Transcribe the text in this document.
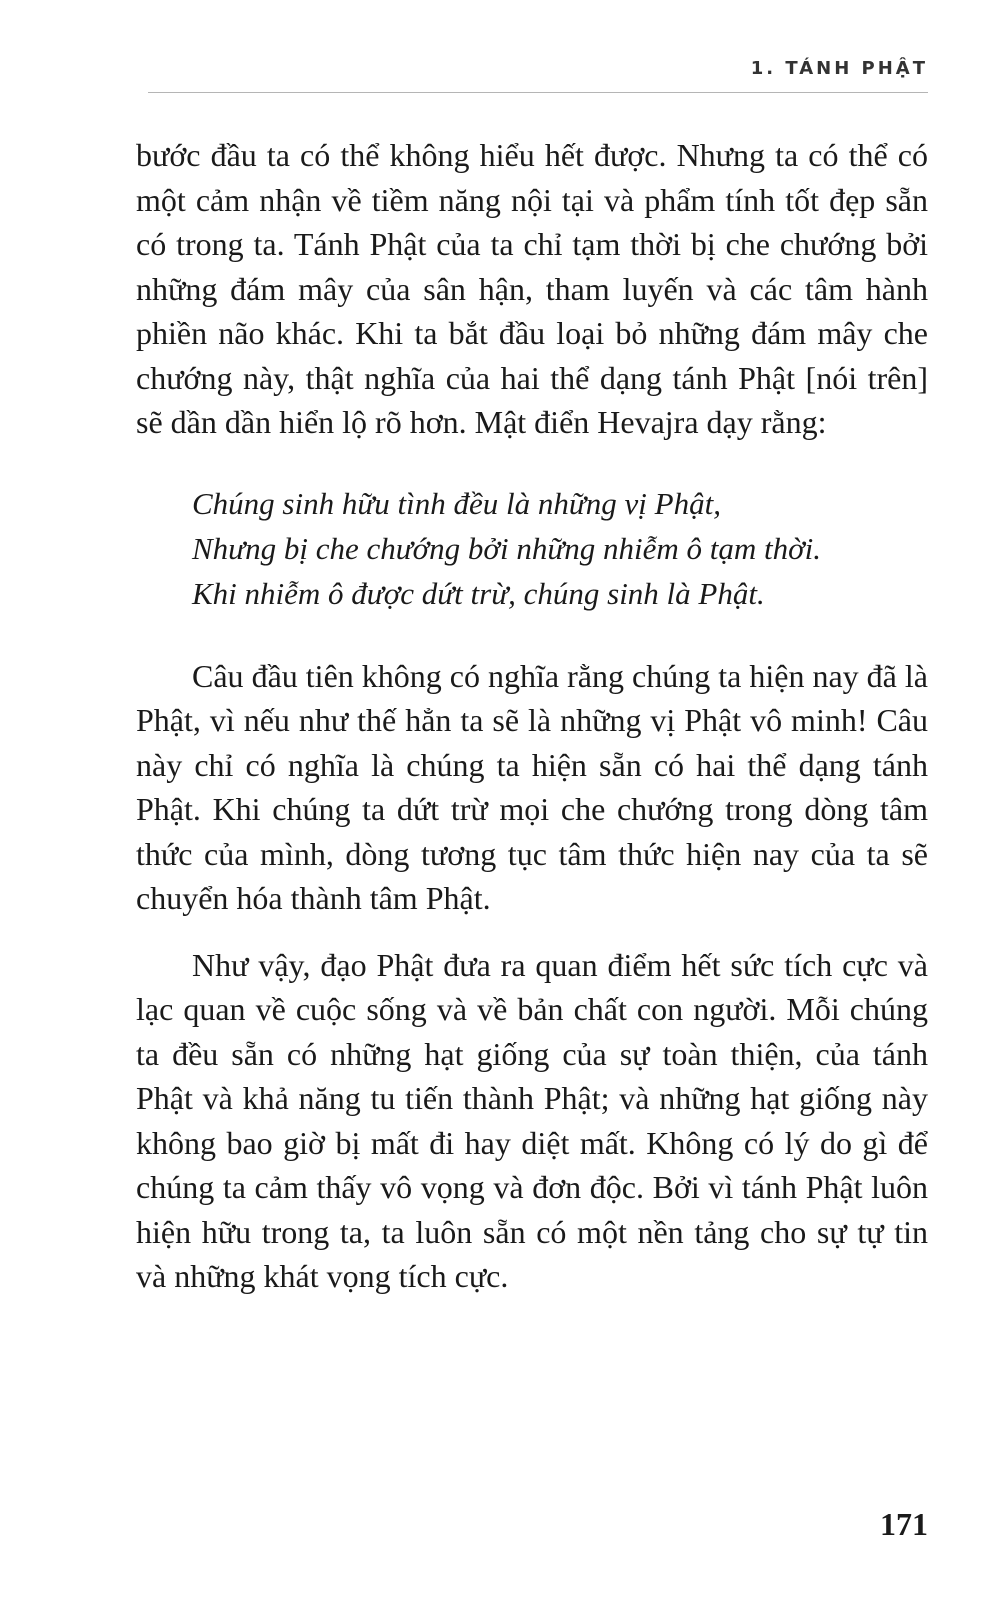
1. TÁNH PHẬT

bước đầu ta có thể không hiểu hết được. Nhưng ta có thể có một cảm nhận về tiềm năng nội tại và phẩm tính tốt đẹp sẵn có trong ta. Tánh Phật của ta chỉ tạm thời bị che chướng bởi những đám mây của sân hận, tham luyến và các tâm hành phiền não khác. Khi ta bắt đầu loại bỏ những đám mây che chướng này, thật nghĩa của hai thể dạng tánh Phật [nói trên] sẽ dần dần hiển lộ rõ hơn. Mật điển Hevajra dạy rằng:

Chúng sinh hữu tình đều là những vị Phật,
Nhưng bị che chướng bởi những nhiễm ô tạm thời.
Khi nhiễm ô được dứt trừ, chúng sinh là Phật.

Câu đầu tiên không có nghĩa rằng chúng ta hiện nay đã là Phật, vì nếu như thế hẳn ta sẽ là những vị Phật vô minh! Câu này chỉ có nghĩa là chúng ta hiện sẵn có hai thể dạng tánh Phật. Khi chúng ta dứt trừ mọi che chướng trong dòng tâm thức của mình, dòng tương tục tâm thức hiện nay của ta sẽ chuyển hóa thành tâm Phật.

Như vậy, đạo Phật đưa ra quan điểm hết sức tích cực và lạc quan về cuộc sống và về bản chất con người. Mỗi chúng ta đều sẵn có những hạt giống của sự toàn thiện, của tánh Phật và khả năng tu tiến thành Phật; và những hạt giống này không bao giờ bị mất đi hay diệt mất. Không có lý do gì để chúng ta cảm thấy vô vọng và đơn độc. Bởi vì tánh Phật luôn hiện hữu trong ta, ta luôn sẵn có một nền tảng cho sự tự tin và những khát vọng tích cực.

171
